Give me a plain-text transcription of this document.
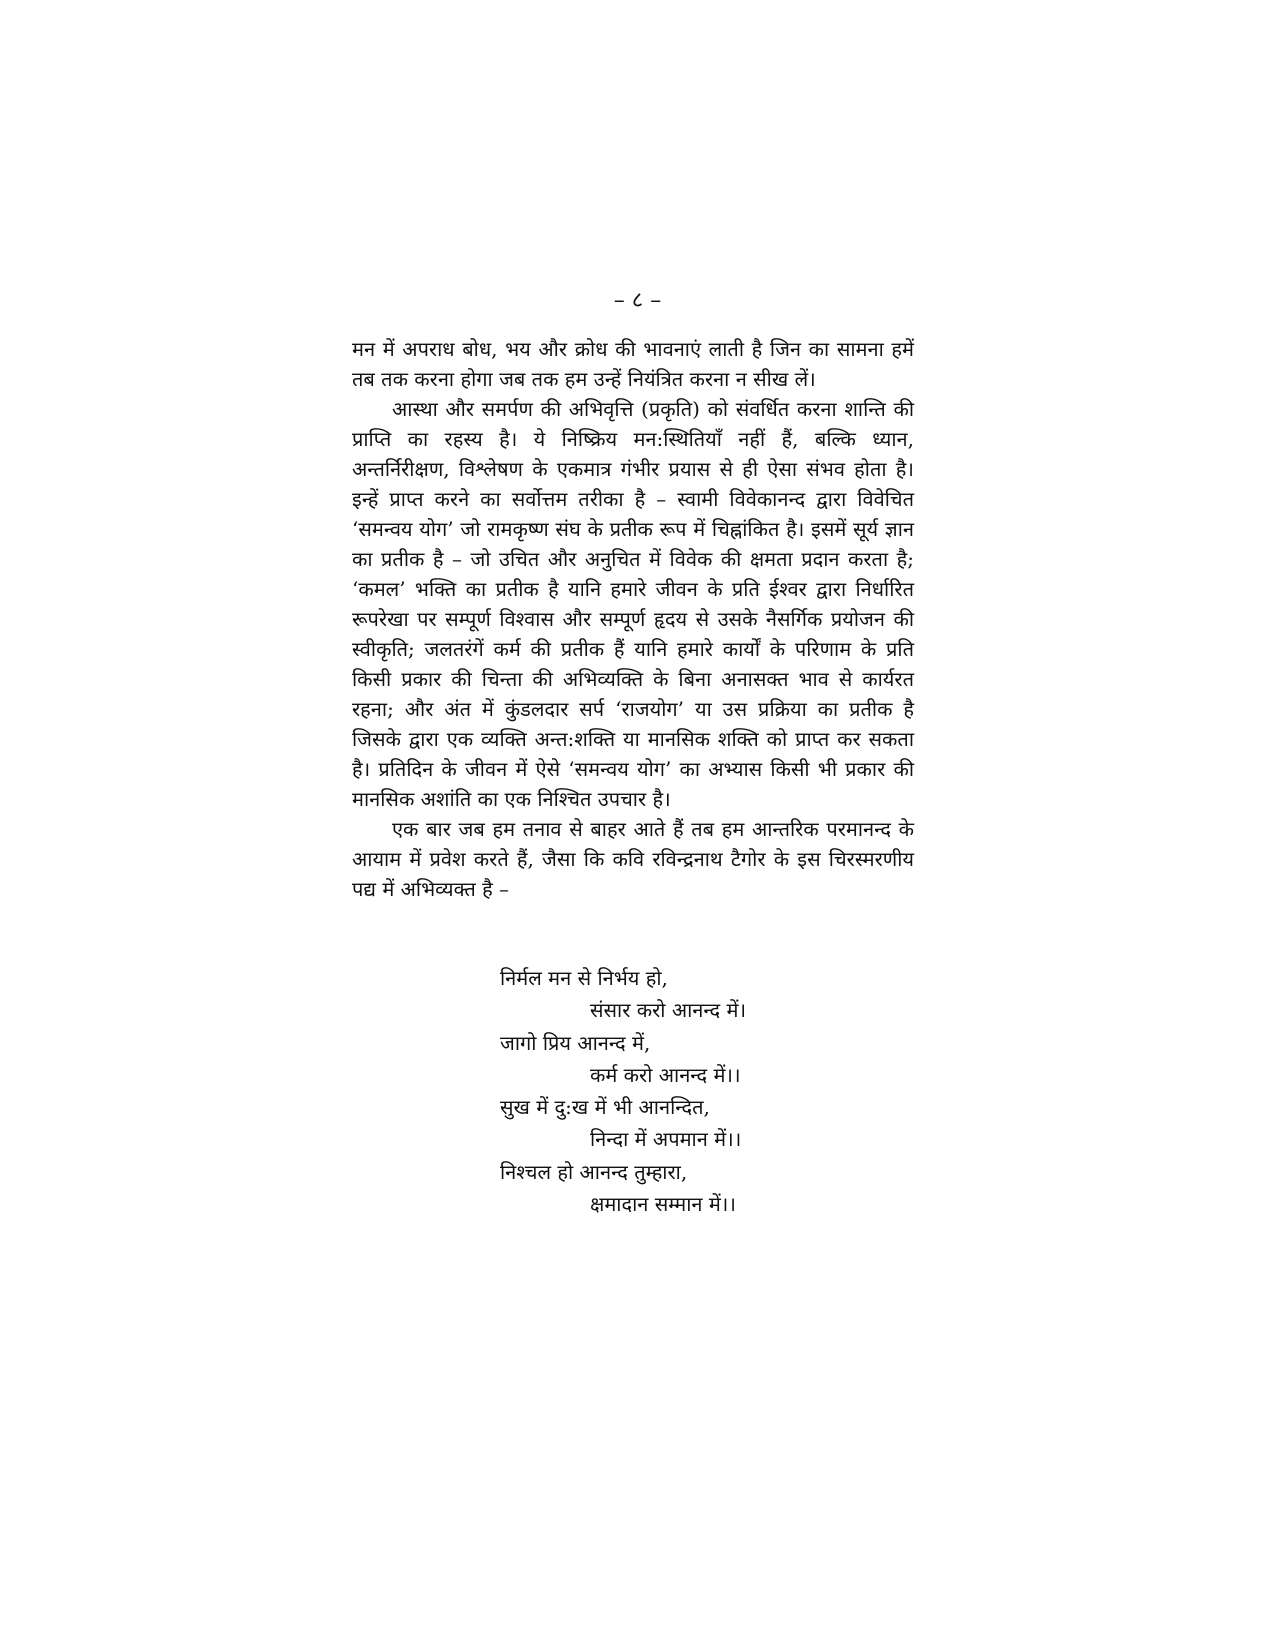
– ८ –

मन में अपराध बोध, भय और क्रोध की भावनाएं लाती है जिन का सामना हमें तब तक करना होगा जब तक हम उन्हें नियंत्रित करना न सीख लें।

आस्था और समर्पण की अभिवृत्ति (प्रकृति) को संवर्धित करना शान्ति की प्राप्ति का रहस्य है। ये निष्क्रिय मन:स्थितियाँ नहीं हैं, बल्कि ध्यान, अन्तर्निरीक्षण, विश्लेषण के एकमात्र गंभीर प्रयास से ही ऐसा संभव होता है। इन्हें प्राप्त करने का सर्वोत्तम तरीका है – स्वामी विवेकानन्द द्वारा विवेचित ‘समन्वय योग’ जो रामकृष्ण संघ के प्रतीक रूप में चिह्नांकित है। इसमें सूर्य ज्ञान का प्रतीक है – जो उचित और अनुचित में विवेक की क्षमता प्रदान करता है; ‘कमल’ भक्ति का प्रतीक है यानि हमारे जीवन के प्रति ईश्वर द्वारा निर्धारित रूपरेखा पर सम्पूर्ण विश्वास और सम्पूर्ण हृदय से उसके नैसर्गिक प्रयोजन की स्वीकृति; जलतरंगें कर्म की प्रतीक हैं यानि हमारे कार्यों के परिणाम के प्रति किसी प्रकार की चिन्ता की अभिव्यक्ति के बिना अनासक्त भाव से कार्यरत रहना; और अंत में कुंडलदार सर्प ‘राजयोग’ या उस प्रक्रिया का प्रतीक है जिसके द्वारा एक व्यक्ति अन्त:शक्ति या मानसिक शक्ति को प्राप्त कर सकता है। प्रतिदिन के जीवन में ऐसे ‘समन्वय योग’ का अभ्यास किसी भी प्रकार की मानसिक अशांति का एक निश्चित उपचार है।

एक बार जब हम तनाव से बाहर आते हैं तब हम आन्तरिक परमानन्द के आयाम में प्रवेश करते हैं, जैसा कि कवि रविन्द्रनाथ टैगोर के इस चिरस्मरणीय पद्य में अभिव्यक्त है –

निर्मल मन से निर्भय हो,
संसार करो आनन्द में।
जागो प्रिय आनन्द में,
कर्म करो आनन्द में।।
सुख में दु:ख में भी आनन्दित,
निन्दा में अपमान में।।
निश्चल हो आनन्द तुम्हारा,
क्षमादान सम्मान में।।
